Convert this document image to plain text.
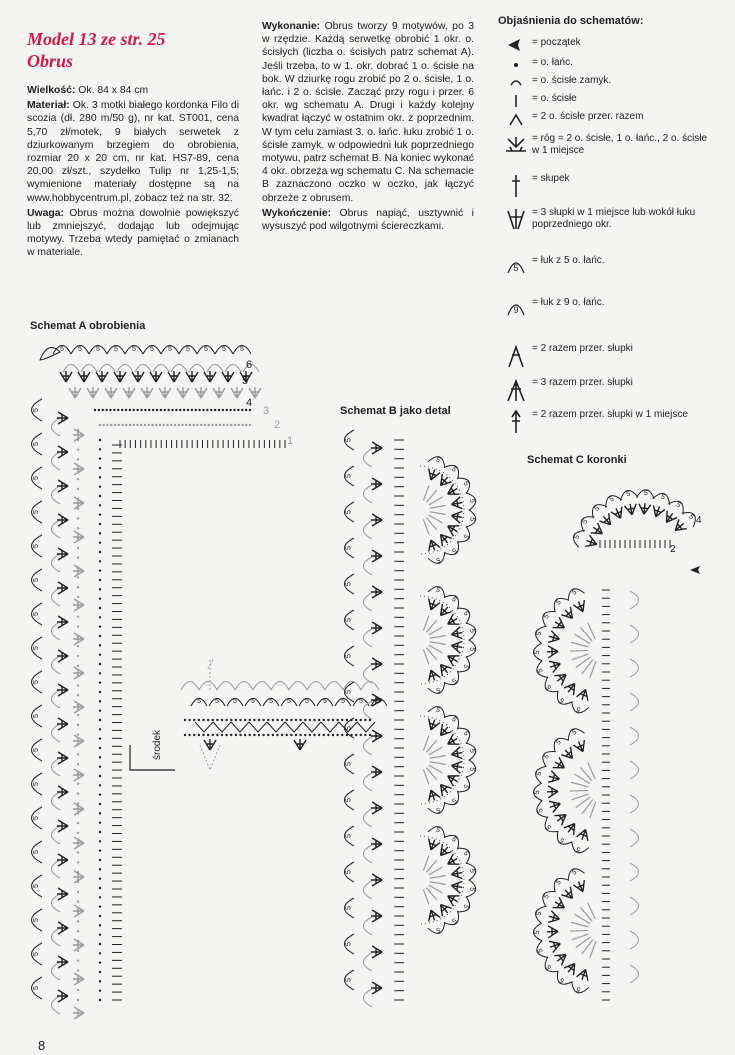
Model 13 ze str. 25
Obrus

Wielkość: Ok. 84 x 84 cm

Materiał: Ok. 3 motki białego kordonka Filo di scozia (dł. 280 m/50 g), nr kat. ST001, cena 5,70 zł/motek, 9 białych serwetek z dziurkowanym brzegiem do obrobienia, rozmiar 20 x 20 cm, nr kat. HS7-89, cena 20,00 zł/szt., szydełko Tulip nr 1,25-1,5; wymienione materiały dostępne są na www.hobbycentrum.pl, zobacz też na str. 32.

Uwaga: Obrus można dowolnie powiększyć lub zmniejszyć, dodając lub odejmując motywy. Trzeba wtedy pamiętać o zmianach w materiale.

Wykonanie: Obrus tworzy 9 motywów, po 3 w rzędzie. Każdą serwetkę obrobić 1 okr. o. ścisłych (liczba o. ścisłych patrz schemat A). Jeśli trzeba, to w 1. okr. dobrać 1 o. ścisłe na bok. W dziurkę rogu zrobić po 2 o. ścisłe, 1 o. łańc. i 2 o. ścisłe. Zacząć przy rogu i przer. 6 okr. wg schematu A. Drugi i każdy kolejny kwadrat łączyć w ostatnim okr. z poprzednim. W tym celu zamiast 3. o. łańc. łuku zrobić 1 o. ścisłe zamyk. w odpowiedni łuk poprzedniego motywu, patrz schemat B. Na koniec wykonać 4 okr. obrzeża wg schematu C. Na schemacie B zaznaczono oczko w oczko, jak łączyć obrzeże z obrusem.

Wykończenie: Obrus napiąć, usztywnić i wysuszyć pod wilgotnymi ściereczkami.

Objaśnienia do schematów:
= początek
= o. łańc.
= o. ścisłe zamyk.
= o. ścisłe
= 2 o. ścisłe przer. razem
= róg = 2 o. ścisłe, 1 o. łańc., 2 o. ścisłe w 1 miejsce
= słupek
= 3 słupki w 1 miejsce lub wokół łuku poprzedniego okr.
5
= łuk z 5 o. łańc.
9
= łuk z 9 o. łańc.
= 2 razem przer. słupki
= 3 razem przer. słupki
= 2 razem przer. słupki w 1 miejsce
Schemat A obrobienia
Schemat B jako detal
Schemat C koronki
5
5
5
5
5
5
5
5
5
5
5
5
5
5
5
5
5
5
5 5 5 5 5 5 5 5 5 5 5
1
2
3
4
5
6
środek
5 5 5 5 5 5 5 5 5 5 5
5
5
5
5
5
5
5
5
5
5
5
5
5
5
5
5
5
5
5
5
5
5
5
5
5
5
5
5
5
5
5
5
5
5
5
5
5
5
5
5
5
5
5
5
5
5
5
5
5
5
5
5
5 5 5
5
5 4
2
5
5
5
5
5
5
5
5
5
5
5
5
5
5
5
5
5
5
5
5
5
5
5
5
5
5
5
8
